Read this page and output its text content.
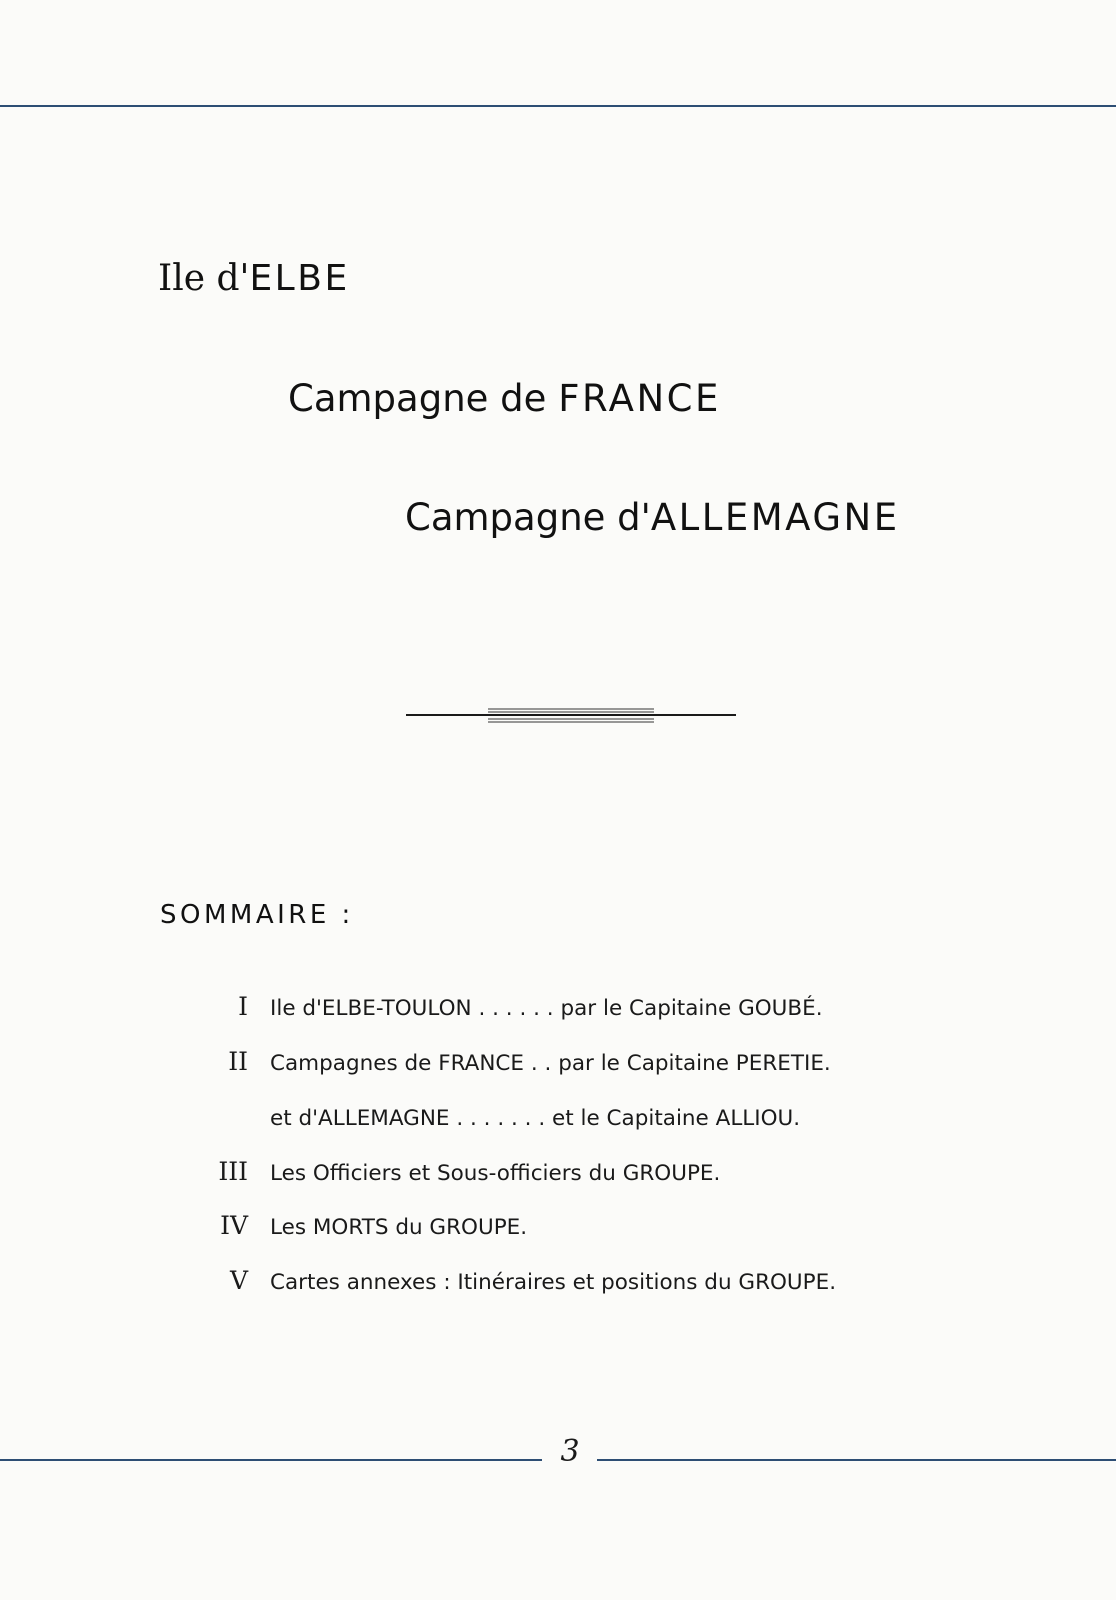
Ile d'ELBE
Campagne de FRANCE
Campagne d'ALLEMAGNE
SOMMAIRE :
I Ile d'ELBE-TOULON . . . . . . par le Capitaine GOUBÉ.
II Campagnes de FRANCE . . par le Capitaine PERETIE.
et d'ALLEMAGNE . . . . . . . et le Capitaine ALLIOU.
III Les Officiers et Sous-officiers du GROUPE.
IV Les MORTS du GROUPE.
V Cartes annexes : Itinéraires et positions du GROUPE.
3
